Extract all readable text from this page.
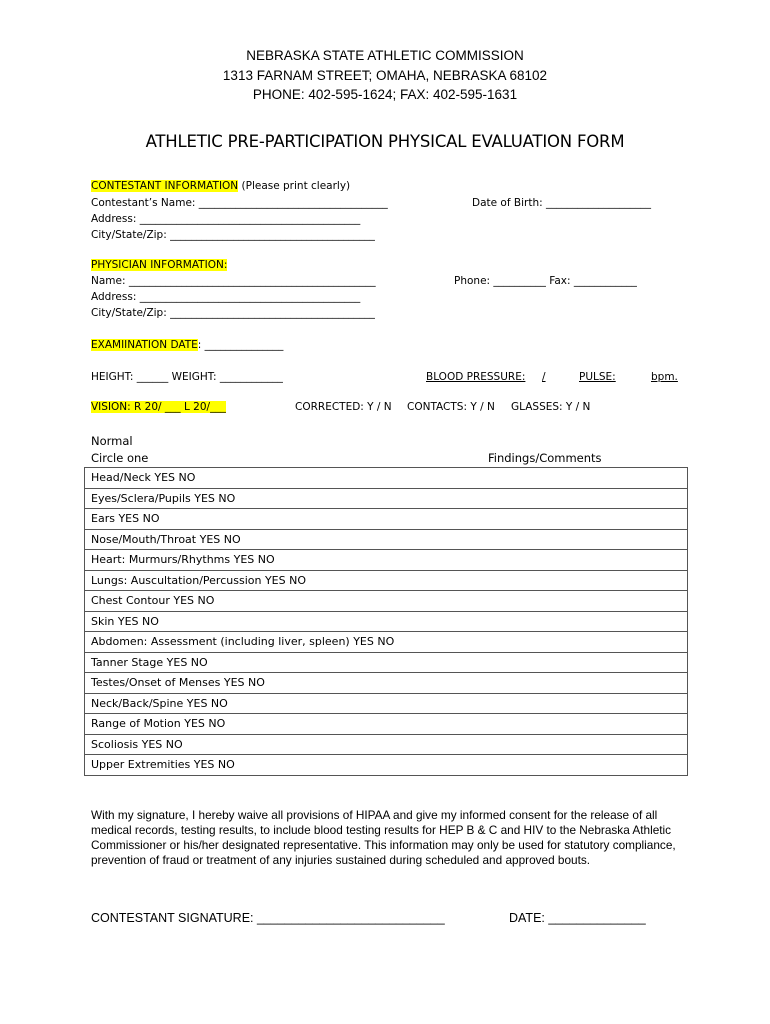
NEBRASKA STATE ATHLETIC COMMISSION
1313 FARNAM STREET; OMAHA, NEBRASKA 68102
PHONE: 402-595-1624; FAX: 402-595-1631
ATHLETIC PRE-PARTICIPATION PHYSICAL EVALUATION FORM
CONTESTANT INFORMATION (Please print clearly)
Contestant’s Name: ____________________________________	Date of Birth: ____________________
Address: __________________________________________
City/State/Zip: _______________________________________
PHYSICIAN INFORMATION:
Name: _______________________________________________	Phone: __________ Fax: ____________
Address: __________________________________________
City/State/Zip: _______________________________________
EXAMIINATION DATE: _______________
HEIGHT: ______ WEIGHT: ____________	BLOOD PRESSURE: /	PULSE:	bpm.
VISION: R 20/ ___ L 20/___	CORRECTED: Y / N CONTACTS: Y / N GLASSES: Y / N
Normal
Circle one	Findings/Comments
Head/Neck YES NO
Eyes/Sclera/Pupils YES NO
Ears YES NO
Nose/Mouth/Throat YES NO
Heart: Murmurs/Rhythms YES NO
Lungs: Auscultation/Percussion YES NO
Chest Contour YES NO
Skin YES NO
Abdomen: Assessment (including liver, spleen) YES NO
Tanner Stage YES NO
Testes/Onset of Menses YES NO
Neck/Back/Spine YES NO
Range of Motion YES NO
Scoliosis YES NO
Upper Extremities YES NO
With my signature, I hereby waive all provisions of HIPAA and give my informed consent for the release of all medical records, testing results, to include blood testing results for HEP B & C and HIV to the Nebraska Athletic Commissioner or his/her designated representative. This information may only be used for statutory compliance, prevention of fraud or treatment of any injuries sustained during scheduled and approved bouts.
CONTESTANT SIGNATURE: ___________________________	DATE: ______________
